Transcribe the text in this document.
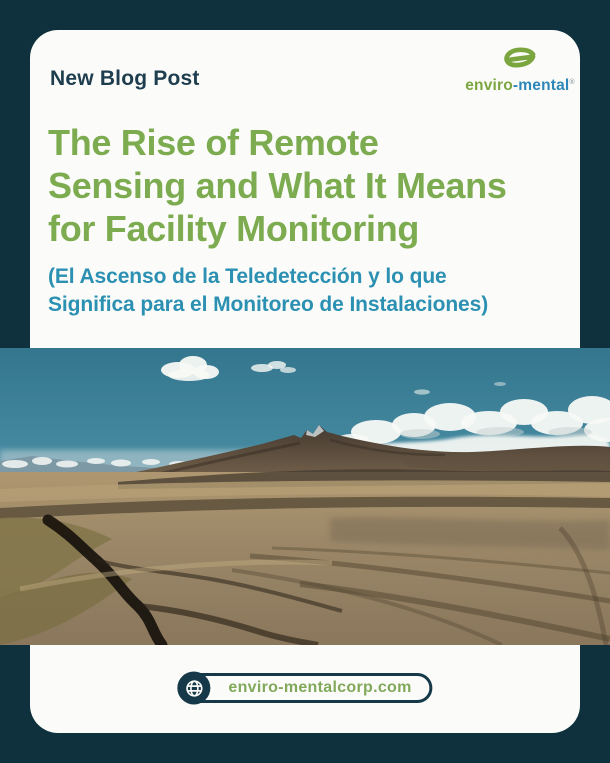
New Blog Post	enviro-mental®
The Rise of Remote
Sensing and What It Means
for Facility Monitoring
(El Ascenso de la Teledetección y lo que
Significa para el Monitoreo de Instalaciones)
enviro-mentalcorp.com
